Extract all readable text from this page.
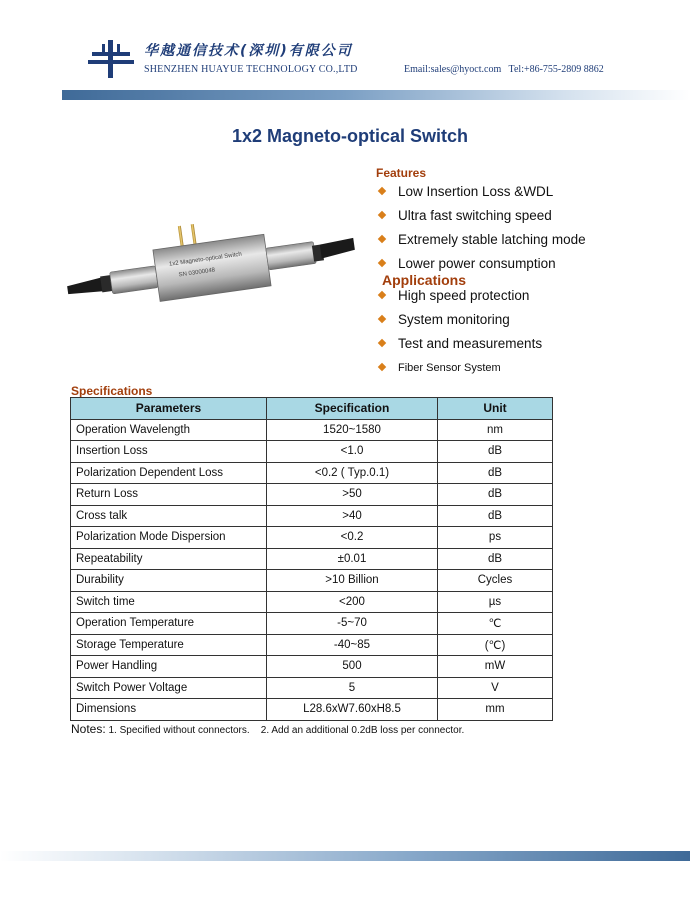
华越通信技术(深圳)有限公司
SHENZHEN HUAYUE TECHNOLOGY CO.,LTD	Email:sales@hyoct.com   Tel:+86-755-2809 8862
1x2 Magneto-optical Switch
1x2 Magneto-optical Switch
SN 03000048
Features
Low Insertion Loss &WDL
Ultra fast switching speed
Extremely stable latching mode
Lower power consumption
Applications
High speed protection
System monitoring
Test and measurements
Fiber Sensor System
Specifications
Parameters	Specification	Unit
Operation Wavelength	1520~1580	nm
Insertion Loss	<1.0	dB
Polarization Dependent Loss	<0.2 ( Typ.0.1)	dB
Return Loss	>50	dB
Cross talk	>40	dB
Polarization Mode Dispersion	<0.2	ps
Repeatability	±0.01	dB
Durability	>10 Billion	Cycles
Switch time	<200	µs
Operation Temperature	-5~70	℃
Storage Temperature	-40~85	(℃)
Power Handling	500	mW
Switch Power Voltage	5	V
Dimensions	L28.6xW7.60xH8.5	mm
Notes: 1. Specified without connectors.    2. Add an additional 0.2dB loss per connector.
